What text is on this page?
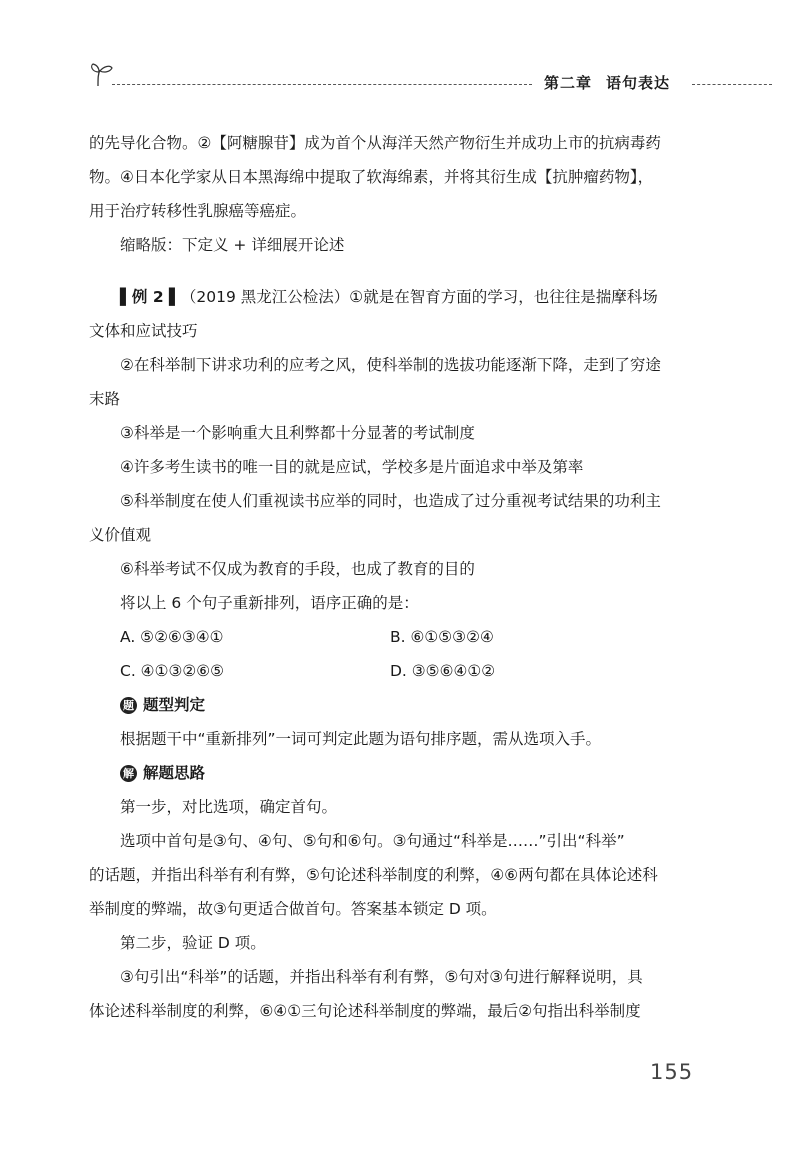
第二章 语句表达

的先导化合物。②【阿糖腺苷】成为首个从海洋天然产物衍生并成功上市的抗病毒药

物。④日本化学家从日本黑海绵中提取了软海绵素，并将其衍生成【抗肿瘤药物】，

用于治疗转移性乳腺癌等癌症。

缩略版：下定义 + 详细展开论述

▌例 2 ▌（2019 黑龙江公检法）①就是在智育方面的学习，也往往是揣摩科场

文体和应试技巧

②在科举制下讲求功利的应考之风，使科举制的选拔功能逐渐下降，走到了穷途

末路

③科举是一个影响重大且利弊都十分显著的考试制度

④许多考生读书的唯一目的就是应试，学校多是片面追求中举及第率

⑤科举制度在使人们重视读书应举的同时，也造成了过分重视考试结果的功利主

义价值观

⑥科举考试不仅成为教育的手段，也成了教育的目的

将以上 6 个句子重新排列，语序正确的是：

A. ⑤②⑥③④①	B. ⑥①⑤③②④
C. ④①③②⑥⑤	D. ③⑤⑥④①②
题 题型判定

根据题干中“重新排列”一词可判定此题为语句排序题，需从选项入手。

解 解题思路

第一步，对比选项，确定首句。

选项中首句是③句、④句、⑤句和⑥句。③句通过“科举是……”引出“科举”

的话题，并指出科举有利有弊，⑤句论述科举制度的利弊，④⑥两句都在具体论述科

举制度的弊端，故③句更适合做首句。答案基本锁定 D 项。

第二步，验证 D 项。

③句引出“科举”的话题，并指出科举有利有弊，⑤句对③句进行解释说明，具

体论述科举制度的利弊，⑥④①三句论述科举制度的弊端，最后②句指出科举制度

155
